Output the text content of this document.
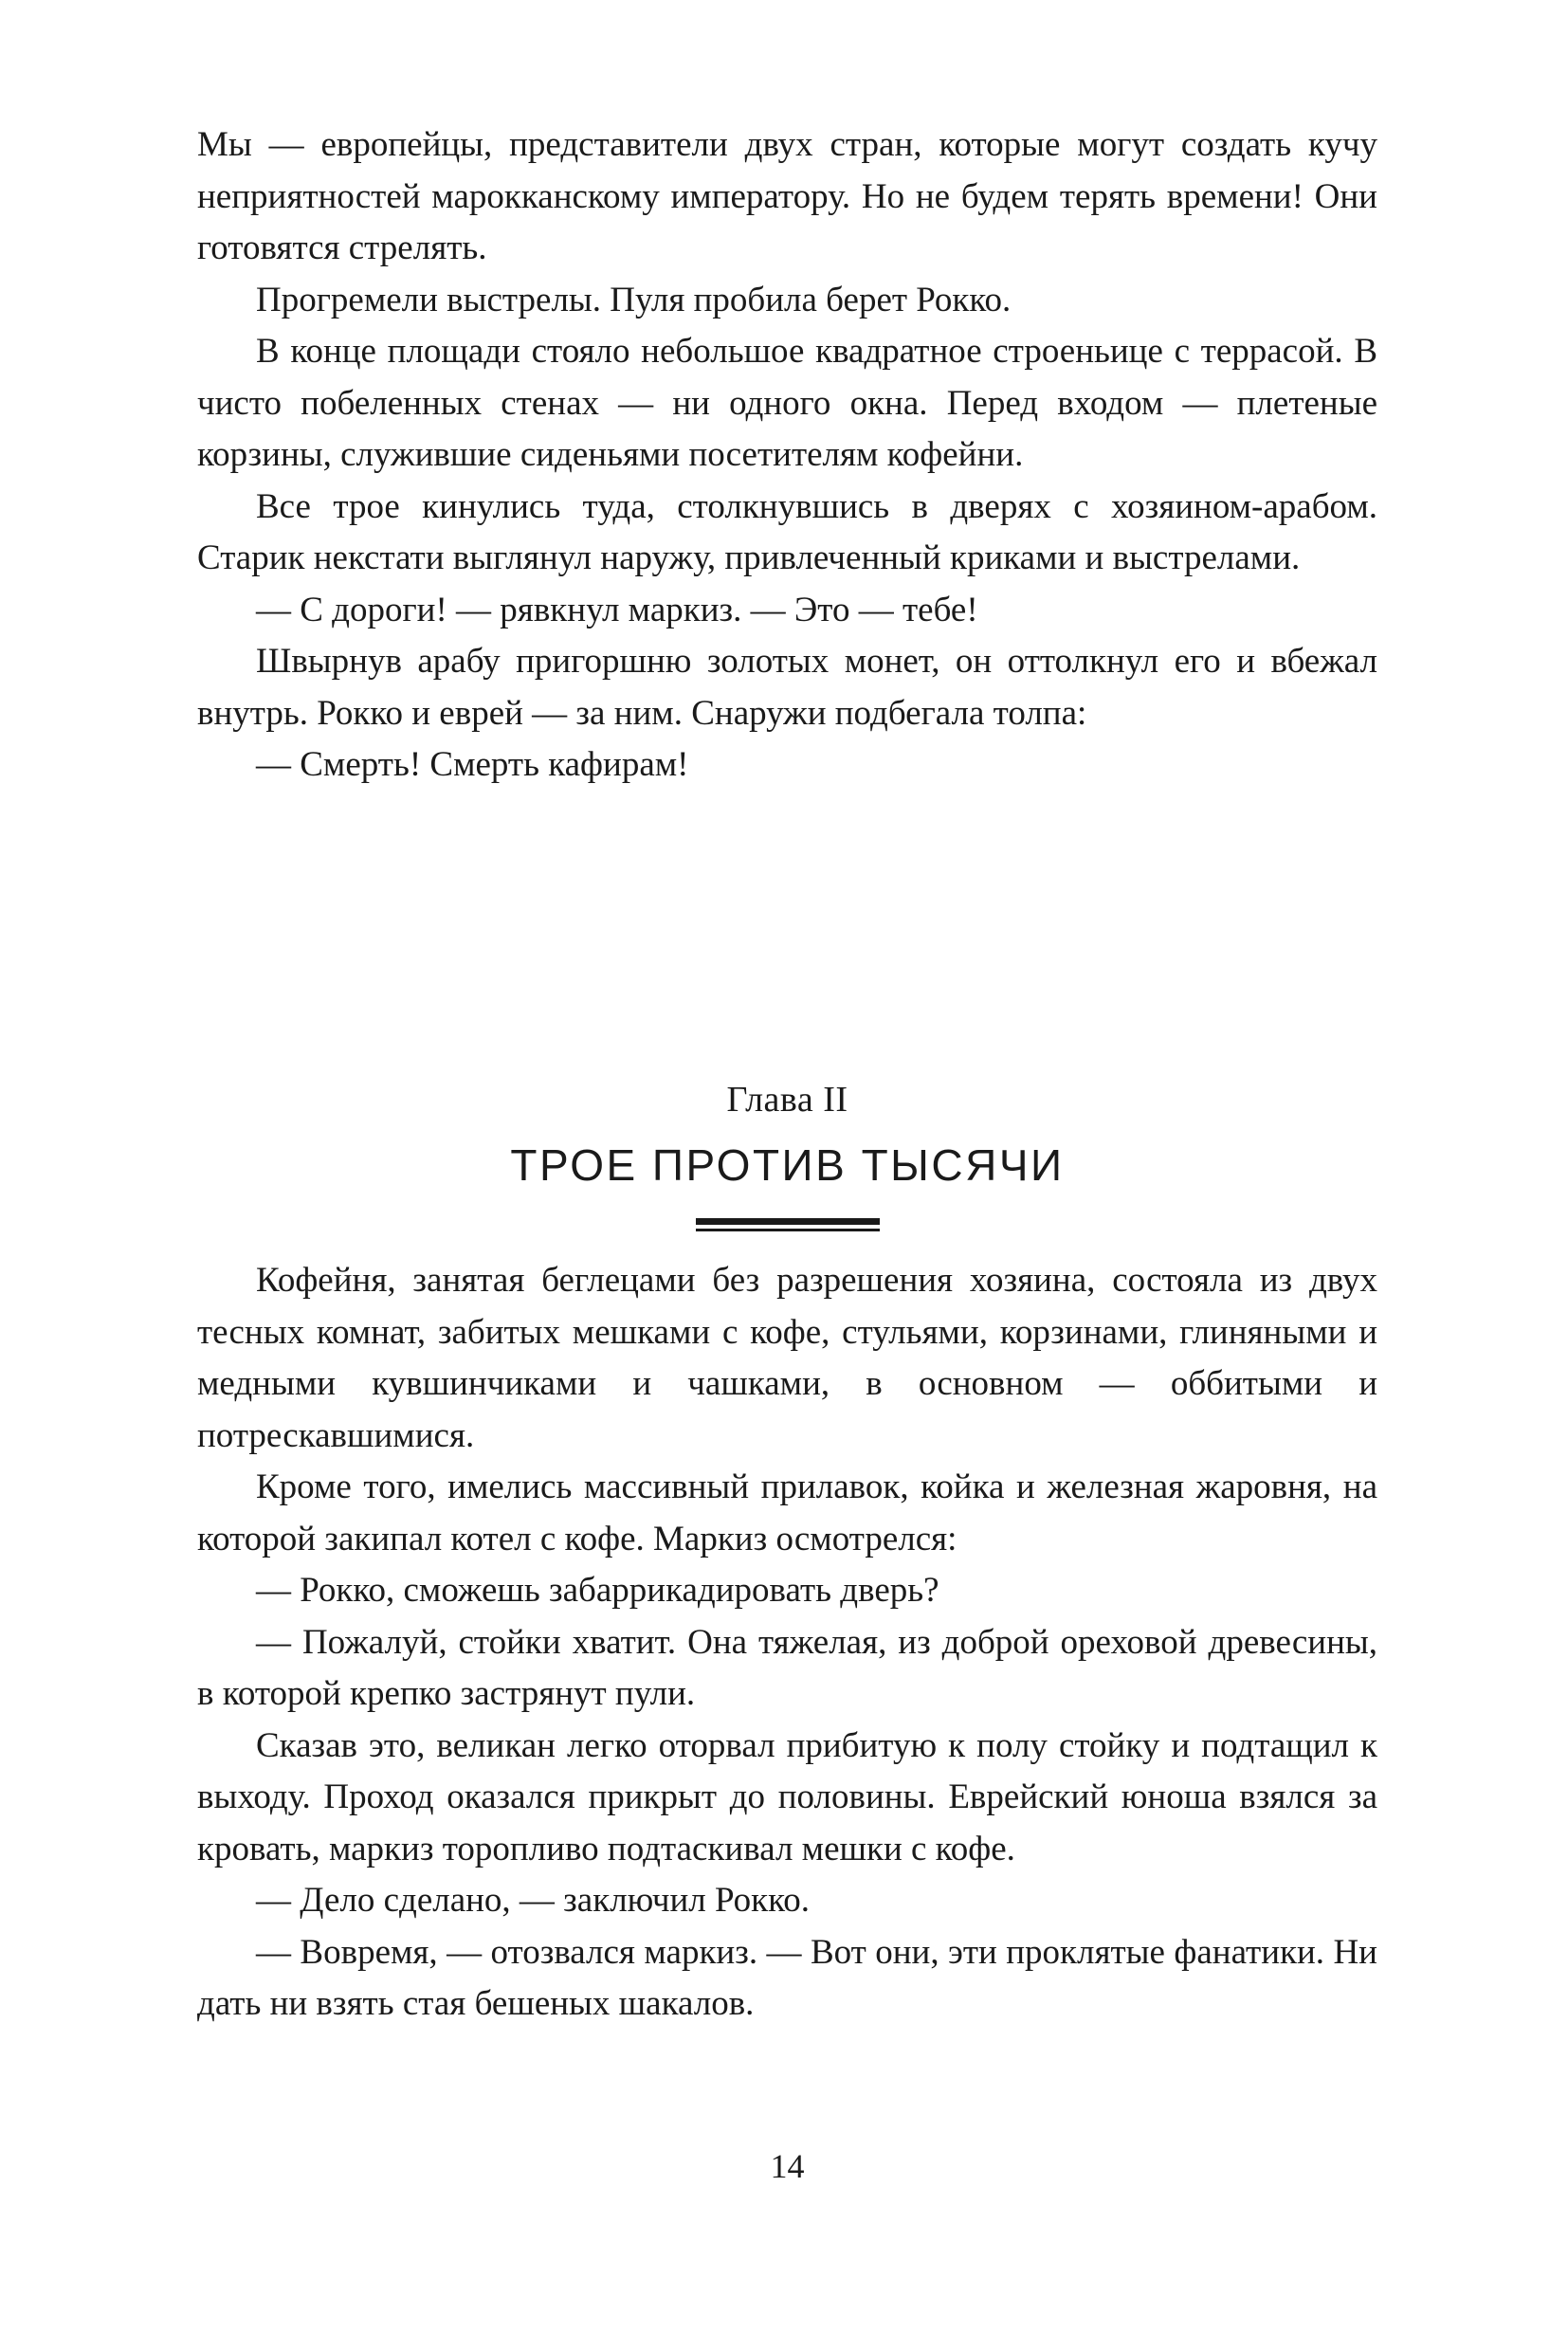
Мы — европейцы, представители двух стран, которые могут создать кучу неприятностей марокканскому императору. Но не будем терять времени! Они готовятся стрелять.

Прогремели выстрелы. Пуля пробила берет Рокко.

В конце площади стояло небольшое квадратное строеньице с террасой. В чисто побеленных стенах — ни одного окна. Перед входом — плетеные корзины, служившие сиденьями посетителям кофейни.

Все трое кинулись туда, столкнувшись в дверях с хозяином-арабом. Старик некстати выглянул наружу, привлеченный криками и выстрелами.

— С дороги! — рявкнул маркиз. — Это — тебе!

Швырнув арабу пригоршню золотых монет, он оттолкнул его и вбежал внутрь. Рокко и еврей — за ним. Снаружи подбегала толпа:

— Смерть! Смерть кафирам!

Глава II

ТРОЕ ПРОТИВ ТЫСЯЧИ

Кофейня, занятая беглецами без разрешения хозяина, состояла из двух тесных комнат, забитых мешками с кофе, стульями, корзинами, глиняными и медными кувшинчиками и чашками, в основном — оббитыми и потрескавшимися.

Кроме того, имелись массивный прилавок, койка и железная жаровня, на которой закипал котел с кофе. Маркиз осмотрелся:

— Рокко, сможешь забаррикадировать дверь?

— Пожалуй, стойки хватит. Она тяжелая, из доброй ореховой древесины, в которой крепко застрянут пули.

Сказав это, великан легко оторвал прибитую к полу стойку и подтащил к выходу. Проход оказался прикрыт до половины. Еврейский юноша взялся за кровать, маркиз торопливо подтаскивал мешки с кофе.

— Дело сделано, — заключил Рокко.

— Вовремя, — отозвался маркиз. — Вот они, эти проклятые фанатики. Ни дать ни взять стая бешеных шакалов.

14
